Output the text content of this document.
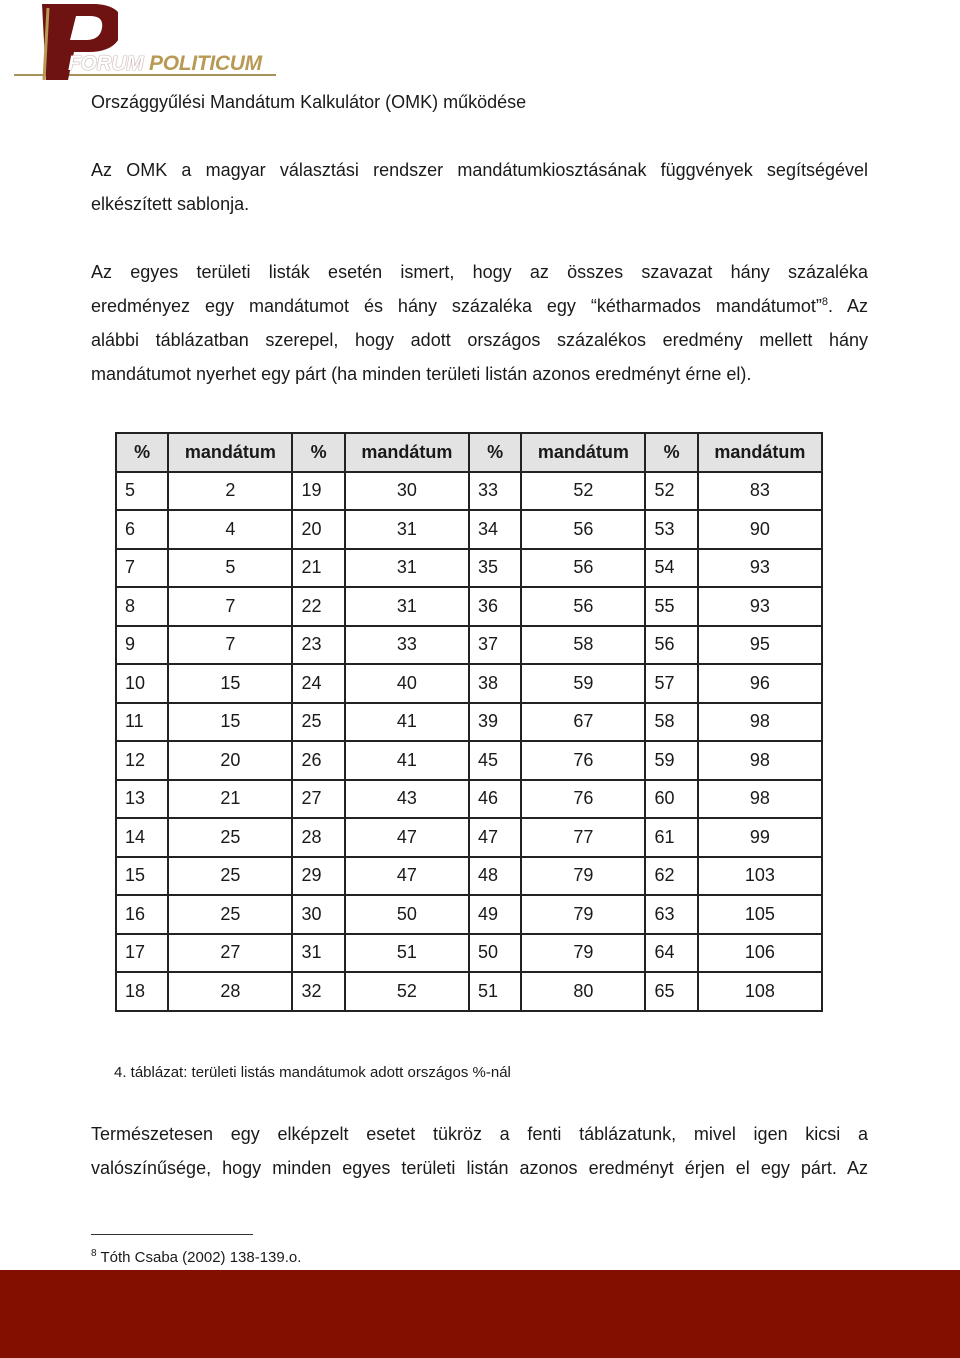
FORUM POLITICUM
Országgyűlési Mandátum Kalkulátor (OMK) működése
Az OMK a magyar választási rendszer mandátumkiosztásának függvények segítségével
elkészített sablonja.
Az egyes területi listák esetén ismert, hogy az összes szavazat hány százaléka
eredményez egy mandátumot és hány százaléka egy “kétharmados mandátumot”$^8$. Az
alábbi táblázatban szerepel, hogy adott országos százalékos eredmény mellett hány
mandátumot nyerhet egy párt (ha minden területi listán azonos eredményt érne el).
%	mandátum	%	mandátum	%	mandátum	%	mandátum
5	2	19	30	33	52	52	83
6	4	20	31	34	56	53	90
7	5	21	31	35	56	54	93
8	7	22	31	36	56	55	93
9	7	23	33	37	58	56	95
10	15	24	40	38	59	57	96
11	15	25	41	39	67	58	98
12	20	26	41	45	76	59	98
13	21	27	43	46	76	60	98
14	25	28	47	47	77	61	99
15	25	29	47	48	79	62	103
16	25	30	50	49	79	63	105
17	27	31	51	50	79	64	106
18	28	32	52	51	80	65	108
4. táblázat: területi listás mandátumok adott országos %-nál
Természetesen egy elképzelt esetet tükröz a fenti táblázatunk, mivel igen kicsi a
valószínűsége, hogy minden egyes területi listán azonos eredményt érjen el egy párt. Az
$^8$ Tóth Csaba (2002) 138-139.o.
